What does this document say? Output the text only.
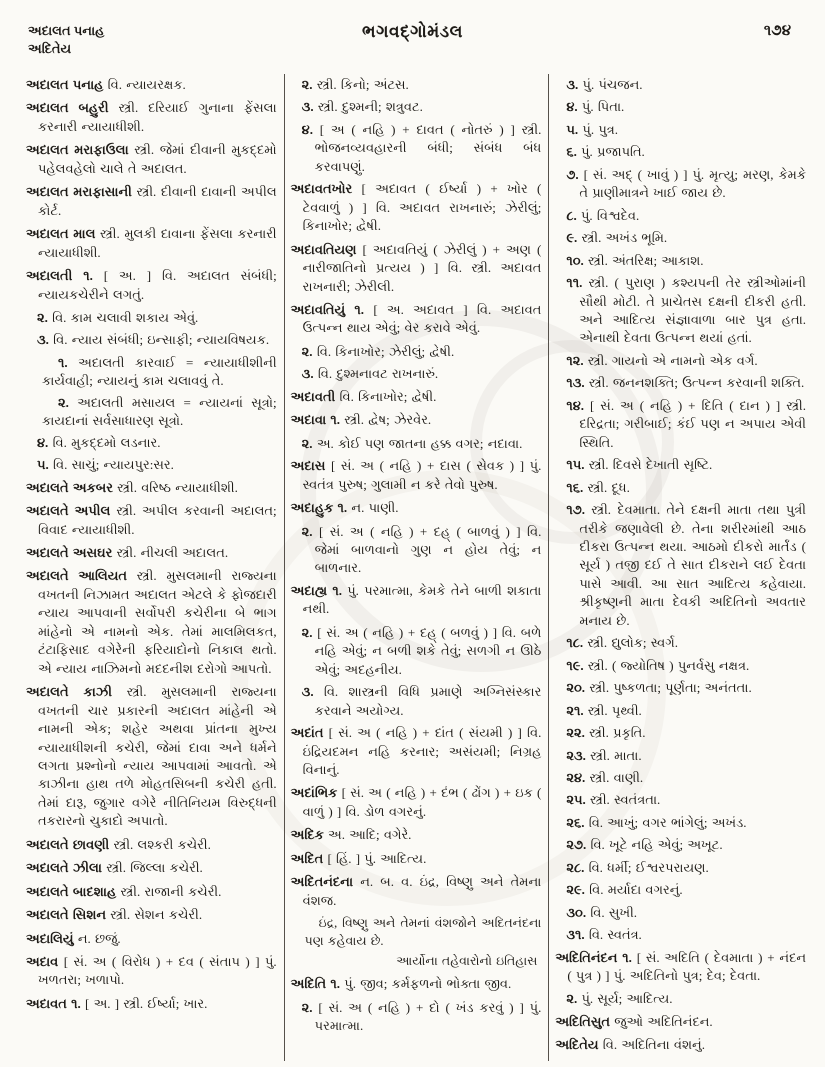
અદાલત પનાહ
અદિતેય
ભગવદ્ગોમંડલ	૧૭૪
અદાલત પનાહ વિ. ન્યાયરક્ષક.
અદાલત બહુરી સ્ત્રી. દરિયાઈ ગુનાના ફેંસલા કરનારી ન્યાયાધીશી.
અદાલત મરાફાઉલા સ્ત્રી. જેમાં દીવાની મુકદ્દમો પહેલવહેલો ચાલે તે અદાલત.
અદાલત મરાફાસાની સ્ત્રી. દીવાની દાવાની અપીલ કોર્ટ.
અદાલત માલ સ્ત્રી. મુલકી દાવાના ફેંસલા કરનારી ન્યાયાધીશી.
અદાલતી ૧. [ અ. ] વિ. અદાલત સંબંધી; ન્યાયકચેરીને લગતું.
૨. વિ. કામ ચલાવી શકાય એવું.
૩. વિ. ન્યાય સંબંધી; ઇન્સાફી; ન્યાયવિષયક.
૧. અદાલતી કારવાઈ = ન્યાયાધીશીની કાર્યવાહી; ન્યાયનું કામ ચલાવવું તે.
૨. અદાલતી મસાયલ = ન્યાયનાં સૂત્રો; કાયદાનાં સર્વસાધારણ સૂત્રો.
૪. વિ. મુકદ્દમો લડનાર.
૫. વિ. સાચું; ન્યાયપુર:સર.
અદાલતે અકબર સ્ત્રી. વરિષ્ઠ ન્યાયાધીશી.
અદાલતે અપીલ સ્ત્રી. અપીલ કરવાની અદાલત; વિવાદ ન્યાયાધીશી.
અદાલતે અસઘર સ્ત્રી. નીચલી અદાલત.
અદાલતે આલિયત સ્ત્રી. મુસલમાની રાજ્યના વખતની નિઝામત અદાલત એટલે કે ફોજદારી ન્યાય આપવાની સર્વોપરી કચેરીના બે ભાગ માંહેનો એ નામનો એક. તેમાં માલમિલકત, ટંટાફિસાદ વગેરેની ફરિયાદોનો નિકાલ થતો. એ ન્યાય નાઝિમનો મદદનીશ દરોગો આપતો.
અદાલતે કાઝી સ્ત્રી. મુસલમાની રાજ્યના વખતની ચાર પ્રકારની અદાલત માંહેની એ નામની એક; શહેર અથવા પ્રાંતના મુખ્ય ન્યાયાધીશની કચેરી, જેમાં દાવા અને ધર્મને લગતા પ્રશ્નોનો ન્યાય આપવામાં આવતો. એ કાઝીના હાથ તળે મોહતસિબની કચેરી હતી. તેમાં દારૂ, જુગાર વગેરે નીતિનિયમ વિરુદ્ધની તકરારનો ચુકાદો અપાતો.
અદાલતે છાવણી સ્ત્રી. લશ્કરી કચેરી.
અદાલતે ઝીલા સ્ત્રી. જિલ્લા કચેરી.
અદાલતે બાદશાહ સ્ત્રી. રાજાની કચેરી.
અદાલતે સિશન સ્ત્રી. સેશન કચેરી.
અદાલિયું ન. છજું.
અદાવ [ સં. અ ( વિરોધ ) + દવ ( સંતાપ ) ] પું. ખળતરા; ખળાપો.
અદાવત ૧. [ અ. ] સ્ત્રી. ઈર્ષ્યા; ખાર.
૨. સ્ત્રી. કિનો; અંટસ.
૩. સ્ત્રી. દુશ્મની; શત્રુવટ.
૪. [ અ ( નહિ ) + દાવત ( નોતરું ) ] સ્ત્રી. ભોજનવ્યવહારની બંધી; સંબંધ બંધ કરવાપણું.
અદાવતખોર [ અદાવત ( ઈર્ષ્યા ) + ખોર ( ટેવવાળું ) ] વિ. અદાવત રાખનારું; ઝેરીલું; કિનાખોર; દ્વેષી.
અદાવતિયણ [ અદાવતિયું ( ઝેરીલું ) + અણ ( નારીજાતિનો પ્રત્યય ) ] વિ. સ્ત્રી. અદાવત રાખનારી; ઝેરીલી.
અદાવતિયું ૧. [ અ. અદાવત ] વિ. અદાવત ઉત્પન્ન થાય એવું; વેર કરાવે એવું.
૨. વિ. કિનાખોર; ઝેરીલું; દ્વેષી.
૩. વિ. દુશ્મનાવટ રાખનારું.
અદાવતી વિ. કિનાખોર; દ્વેષી.
અદાવા ૧. સ્ત્રી. દ્વેષ; ઝેરવેર.
૨. અ. કોઈ પણ જાતના હક્ક વગર; નદાવા.
અદાસ [ સં. અ ( નહિ ) + દાસ ( સેવક ) ] પું. સ્વતંત્ર પુરુષ; ગુલામી ન કરે તેવો પુરુષ.
અદાહુક ૧. ન. પાણી.
૨. [ સં. અ ( નહિ ) + દહ્ ( બાળવું ) ] વિ. જેમાં બાળવાનો ગુણ ન હોય તેવું; ન બાળનાર.
અદાહ્ય ૧. પું. પરમાત્મા, કેમકે તેને બાળી શકાતા નથી.
૨. [ સં. અ ( નહિ ) + દહ્ ( બળવું ) ] વિ. બળે નહિ એવું; ન બળી શકે તેવું; સળગી ન ઊઠે એવું; અદહનીય.
૩. વિ. શાસ્ત્રની વિધિ પ્રમાણે અગ્નિસંસ્કાર કરવાને અયોગ્ય.
અદાંત [ સં. અ ( નહિ ) + દાંત ( સંયમી ) ] વિ. ઇંદ્રિયદમન નહિ કરનાર; અસંયમી; નિગ્રહ વિનાનું.
અદાંભિક [ સં. અ ( નહિ ) + દંભ ( ઢોંગ ) + ઇક ( વાળું ) ] વિ. ડોળ વગરનું.
અદિક અ. આદિ; વગેરે.
અદિત [ હિં. ] પું. આદિત્ય.
અદિતનંદના ન. બ. વ. ઇંદ્ર, વિષ્ણુ અને તેમના વંશજ.
ઇંદ્ર, વિષ્ણુ અને તેમનાં વંશજોને અદિતનંદના પણ કહેવાય છે.
આર્યોના તહેવારોનો ઇતિહાસ
અદિતિ ૧. પું. જીવ; કર્મફળનો ભોક્તા જીવ.
૨. [ સં. અ ( નહિ ) + દો ( ખંડ કરવું ) ] પું. પરમાત્મા.
૩. પું. પંચજન.
૪. પું. પિતા.
૫. પું. પુત્ર.
૬. પું. પ્રજાપતિ.
૭. [ સં. અદ્ ( ખાવું ) ] પું. મૃત્યુ; મરણ, કેમકે તે પ્રાણીમાત્રને ખાઈ જાય છે.
૮. પું. વિશ્વદેવ.
૯. સ્ત્રી. અખંડ ભૂમિ.
૧૦. સ્ત્રી. અંતરિક્ષ; આકાશ.
૧૧. સ્ત્રી. ( પુરાણ ) કશ્યપની તેર સ્ત્રીઓમાંની સૌથી મોટી. તે પ્રાચેતસ દક્ષની દીકરી હતી. અને આદિત્ય સંજ્ઞાવાળા બાર પુત્ર હતા. એનાથી દેવતા ઉત્પન્ન થયાં હતાં.
૧૨. સ્ત્રી. ગાયનો એ નામનો એક વર્ગ.
૧૩. સ્ત્રી. જનનશક્તિ; ઉત્પન્ન કરવાની શક્તિ.
૧૪. [ સં. અ ( નહિ ) + દિતિ ( દાન ) ] સ્ત્રી. દરિદ્રતા; ગરીબાઈ; કંઈ પણ ન અપાય એવી સ્થિતિ.
૧૫. સ્ત્રી. દિવસે દેખાતી સૃષ્ટિ.
૧૬. સ્ત્રી. દૂધ.
૧૭. સ્ત્રી. દેવમાતા. તેને દક્ષની માતા તથા પુત્રી તરીકે જણાવેલી છે. તેના શરીરમાંથી આઠ દીકરા ઉત્પન્ન થયા. આઠમો દીકરો માર્તંડ ( સૂર્ય ) તજી દઈ તે સાત દીકરાને લઈ દેવતા પાસે આવી. આ સાત આદિત્ય કહેવાયા. શ્રીકૃષ્ણની માતા દેવકી અદિતિનો અવતાર મનાય છે.
૧૮. સ્ત્રી. દ્યુલોક; સ્વર્ગ.
૧૯. સ્ત્રી. ( જ્યોતિષ ) પુનર્વસુ નક્ષત્ર.
૨૦. સ્ત્રી. પુષ્કળતા; પૂર્ણતા; અનંતતા.
૨૧. સ્ત્રી. પૃથ્વી.
૨૨. સ્ત્રી. પ્રકૃતિ.
૨૩. સ્ત્રી. માતા.
૨૪. સ્ત્રી. વાણી.
૨૫. સ્ત્રી. સ્વતંત્રતા.
૨૬. વિ. આખું; વગર ભાંગેલું; અખંડ.
૨૭. વિ. ખૂટે નહિ એવું; અખૂટ.
૨૮. વિ. ધર્મી; ઈશ્વરપરાયણ.
૨૯. વિ. મર્યાદા વગરનું.
૩૦. વિ. સુખી.
૩૧. વિ. સ્વતંત્ર.
અદિતિનંદન ૧. [ સં. અદિતિ ( દેવમાતા ) + નંદન ( પુત્ર ) ] પું. અદિતિનો પુત્ર; દેવ; દેવતા.
૨. પું. સૂર્ય; આદિત્ય.
અદિતિસુત જુઓ અદિતિનંદન.
અદિતેય વિ. અદિતિના વંશનું.
